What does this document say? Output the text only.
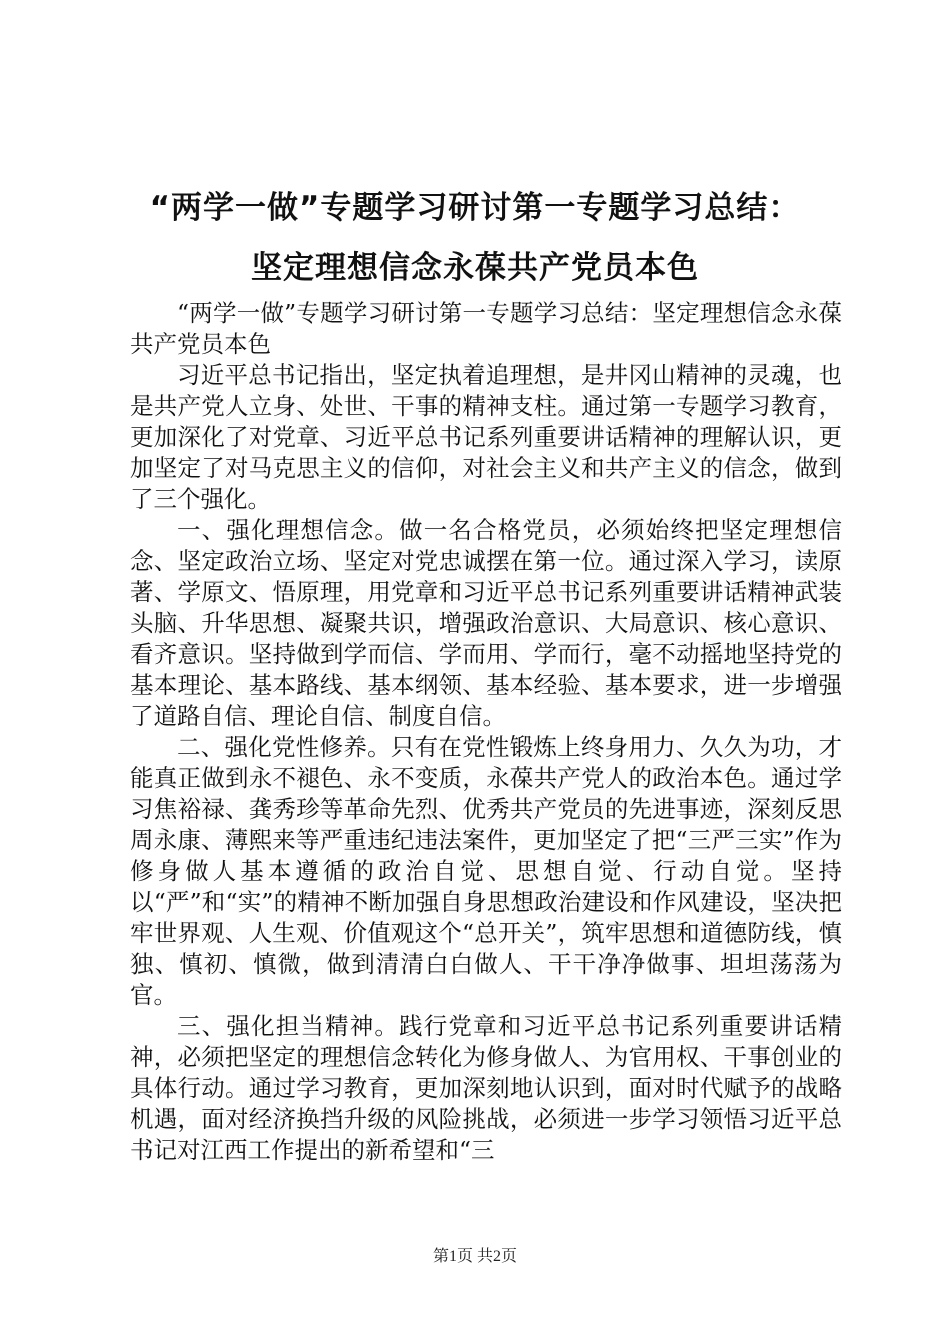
“两学一做”专题学习研讨第一专题学习总结：
坚定理想信念永葆共产党员本色

“两学一做”专题学习研讨第一专题学习总结：坚定理想信念永葆共产党员本色

习近平总书记指出，坚定执着追理想，是井冈山精神的灵魂，也是共产党人立身、处世、干事的精神支柱。通过第一专题学习教育，更加深化了对党章、习近平总书记系列重要讲话精神的理解认识，更加坚定了对马克思主义的信仰，对社会主义和共产主义的信念，做到了三个强化。

一、强化理想信念。做一名合格党员，必须始终把坚定理想信念、坚定政治立场、坚定对党忠诚摆在第一位。通过深入学习，读原著、学原文、悟原理，用党章和习近平总书记系列重要讲话精神武装头脑、升华思想、凝聚共识，增强政治意识、大局意识、核心意识、看齐意识。坚持做到学而信、学而用、学而行，毫不动摇地坚持党的基本理论、基本路线、基本纲领、基本经验、基本要求，进一步增强了道路自信、理论自信、制度自信。

二、强化党性修养。只有在党性锻炼上终身用力、久久为功，才能真正做到永不褪色、永不变质，永葆共产党人的政治本色。通过学习焦裕禄、龚秀珍等革命先烈、优秀共产党员的先进事迹，深刻反思周永康、薄熙来等严重违纪违法案件，更加坚定了把“三严三实”作为修身做人基本遵循的政治自觉、思想自觉、行动自觉。坚持以“严”和“实”的精神不断加强自身思想政治建设和作风建设，坚决把牢世界观、人生观、价值观这个“总开关”，筑牢思想和道德防线，慎独、慎初、慎微，做到清清白白做人、干干净净做事、坦坦荡荡为官。

三、强化担当精神。践行党章和习近平总书记系列重要讲话精神，必须把坚定的理想信念转化为修身做人、为官用权、干事创业的具体行动。通过学习教育，更加深刻地认识到，面对时代赋予的战略机遇，面对经济换挡升级的风险挑战，必须进一步学习领悟习近平总书记对江西工作提出的新希望和“三

第1页 共2页
